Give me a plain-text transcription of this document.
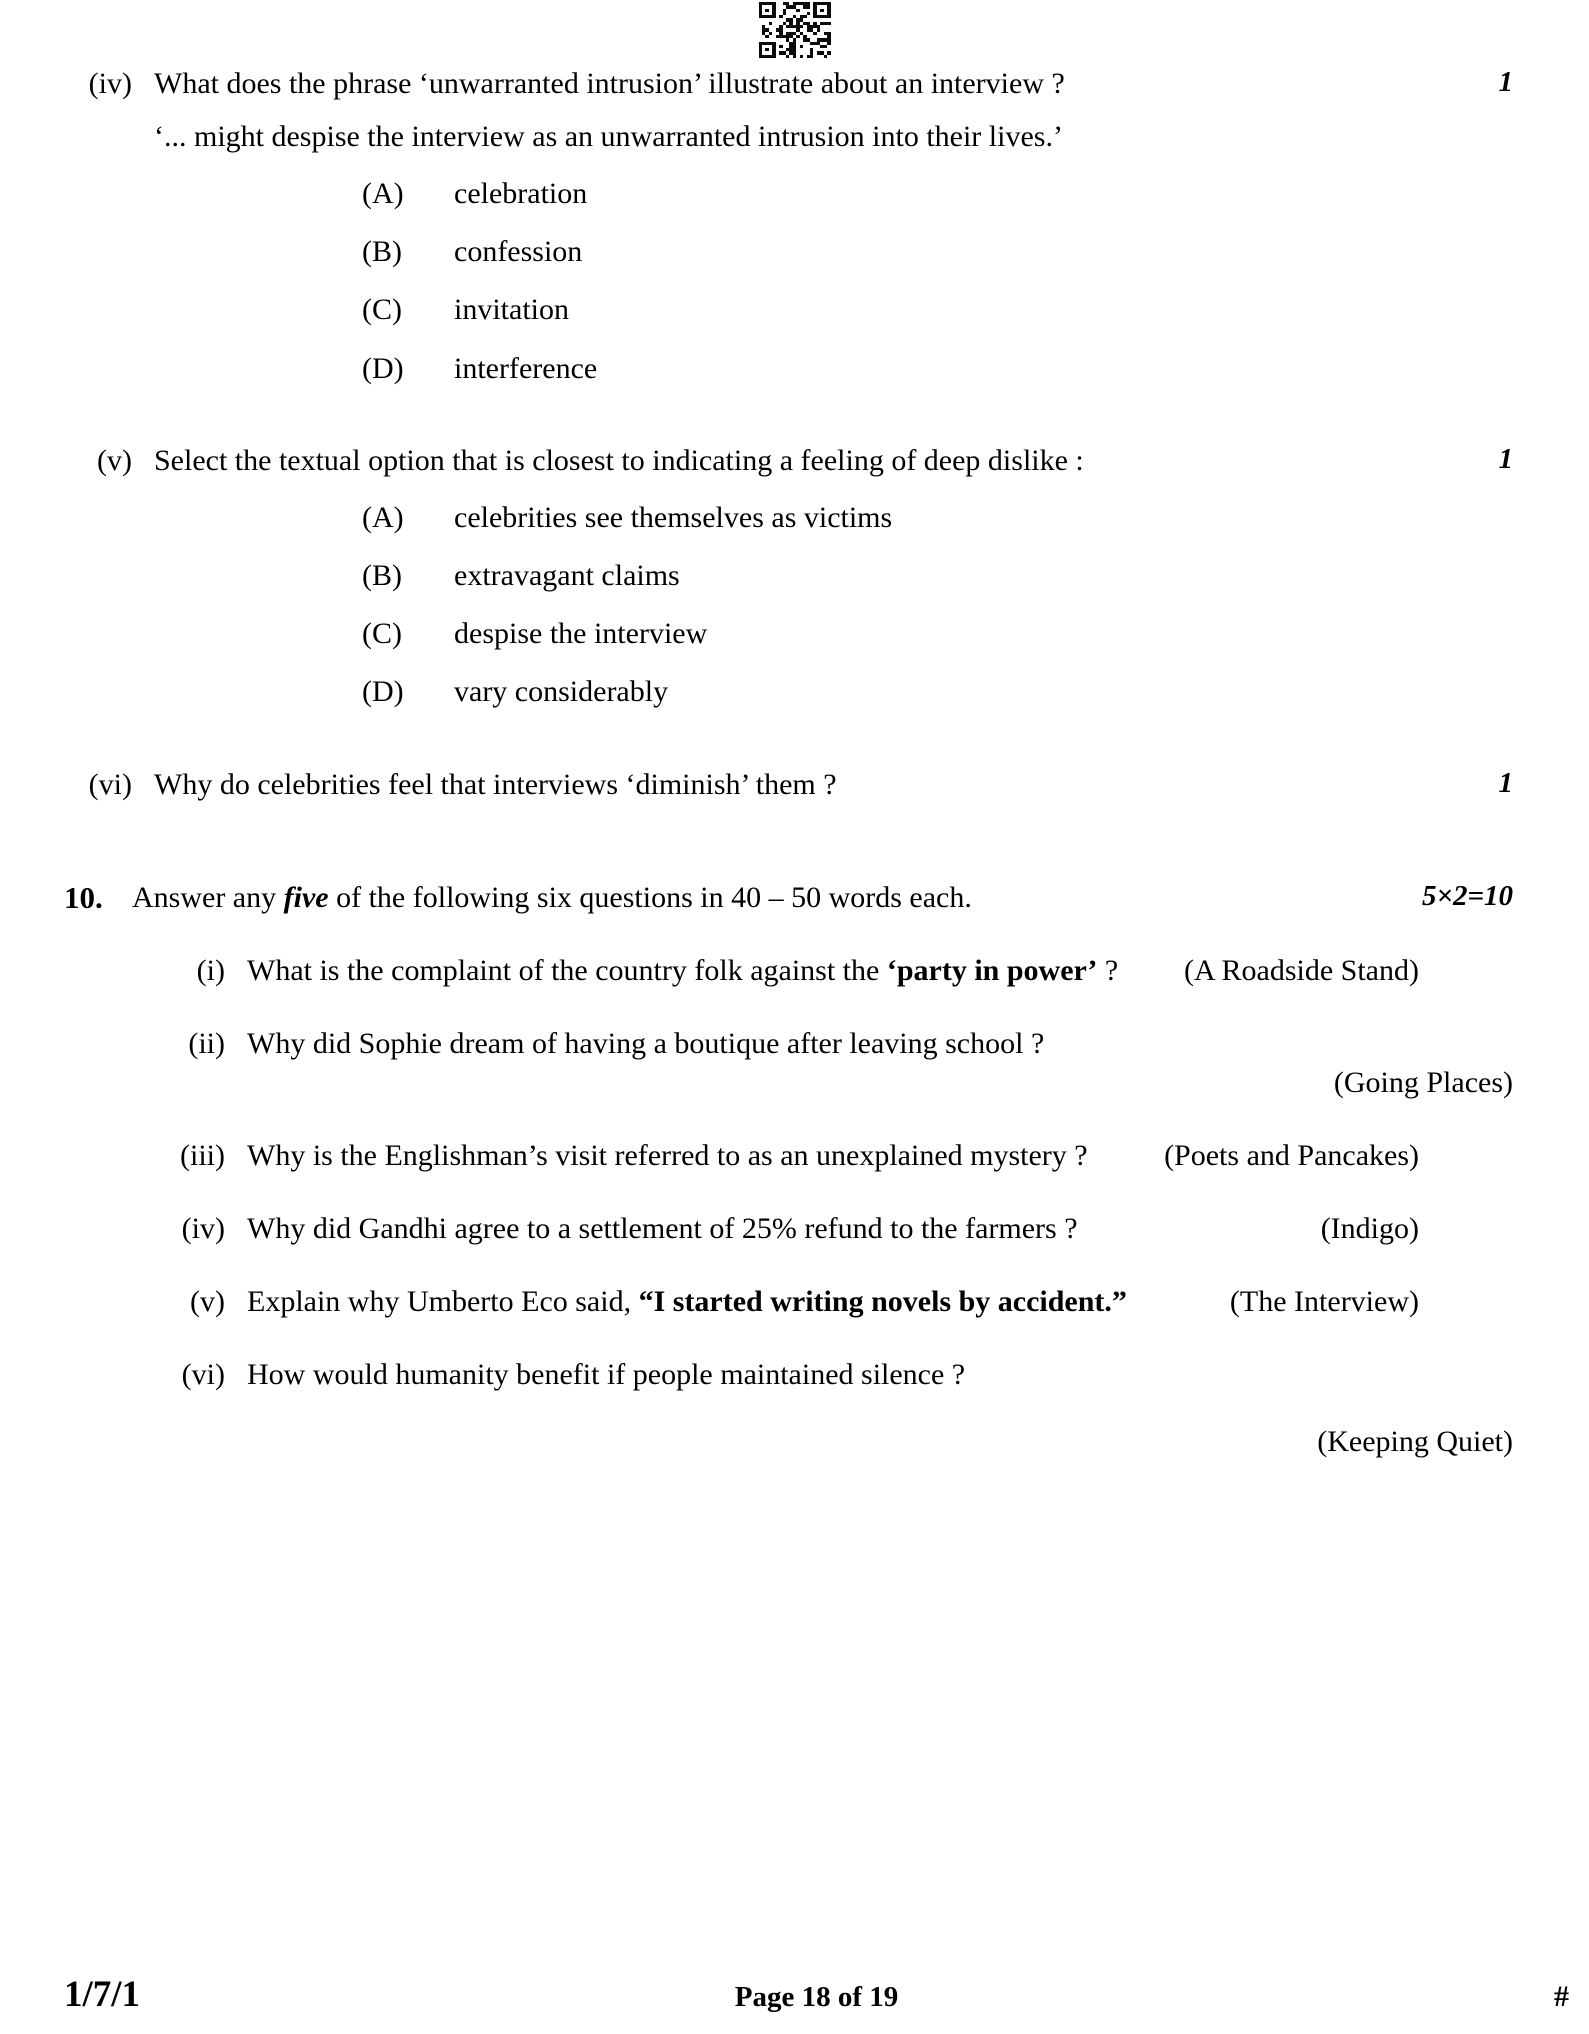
(iv) What does the phrase ‘unwarranted intrusion’ illustrate about an interview ?	1
‘... might despise the interview as an unwarranted intrusion into their lives.’
(A)	celebration
(B)	confession
(C)	invitation
(D)	interference
(v) Select the textual option that is closest to indicating a feeling of deep dislike :	1
(A)	celebrities see themselves as victims
(B)	extravagant claims
(C)	despise the interview
(D)	vary considerably
(vi) Why do celebrities feel that interviews ‘diminish’ them ?	1
10. Answer any five of the following six questions in 40 – 50 words each.	5×2=10
(i) What is the complaint of the country folk against the ‘party in power’ ? (A Roadside Stand)
(ii) Why did Sophie dream of having a boutique after leaving school ?
(Going Places)
(iii) Why is the Englishman’s visit referred to as an unexplained mystery ?	(Poets and Pancakes)
(iv) Why did Gandhi agree to a settlement of 25% refund to the farmers ?	(Indigo)
(v) Explain why Umberto Eco said, “I started writing novels by accident.”	(The Interview)
(vi) How would humanity benefit if people maintained silence ?
(Keeping Quiet)
1/7/1	Page 18 of 19	#
